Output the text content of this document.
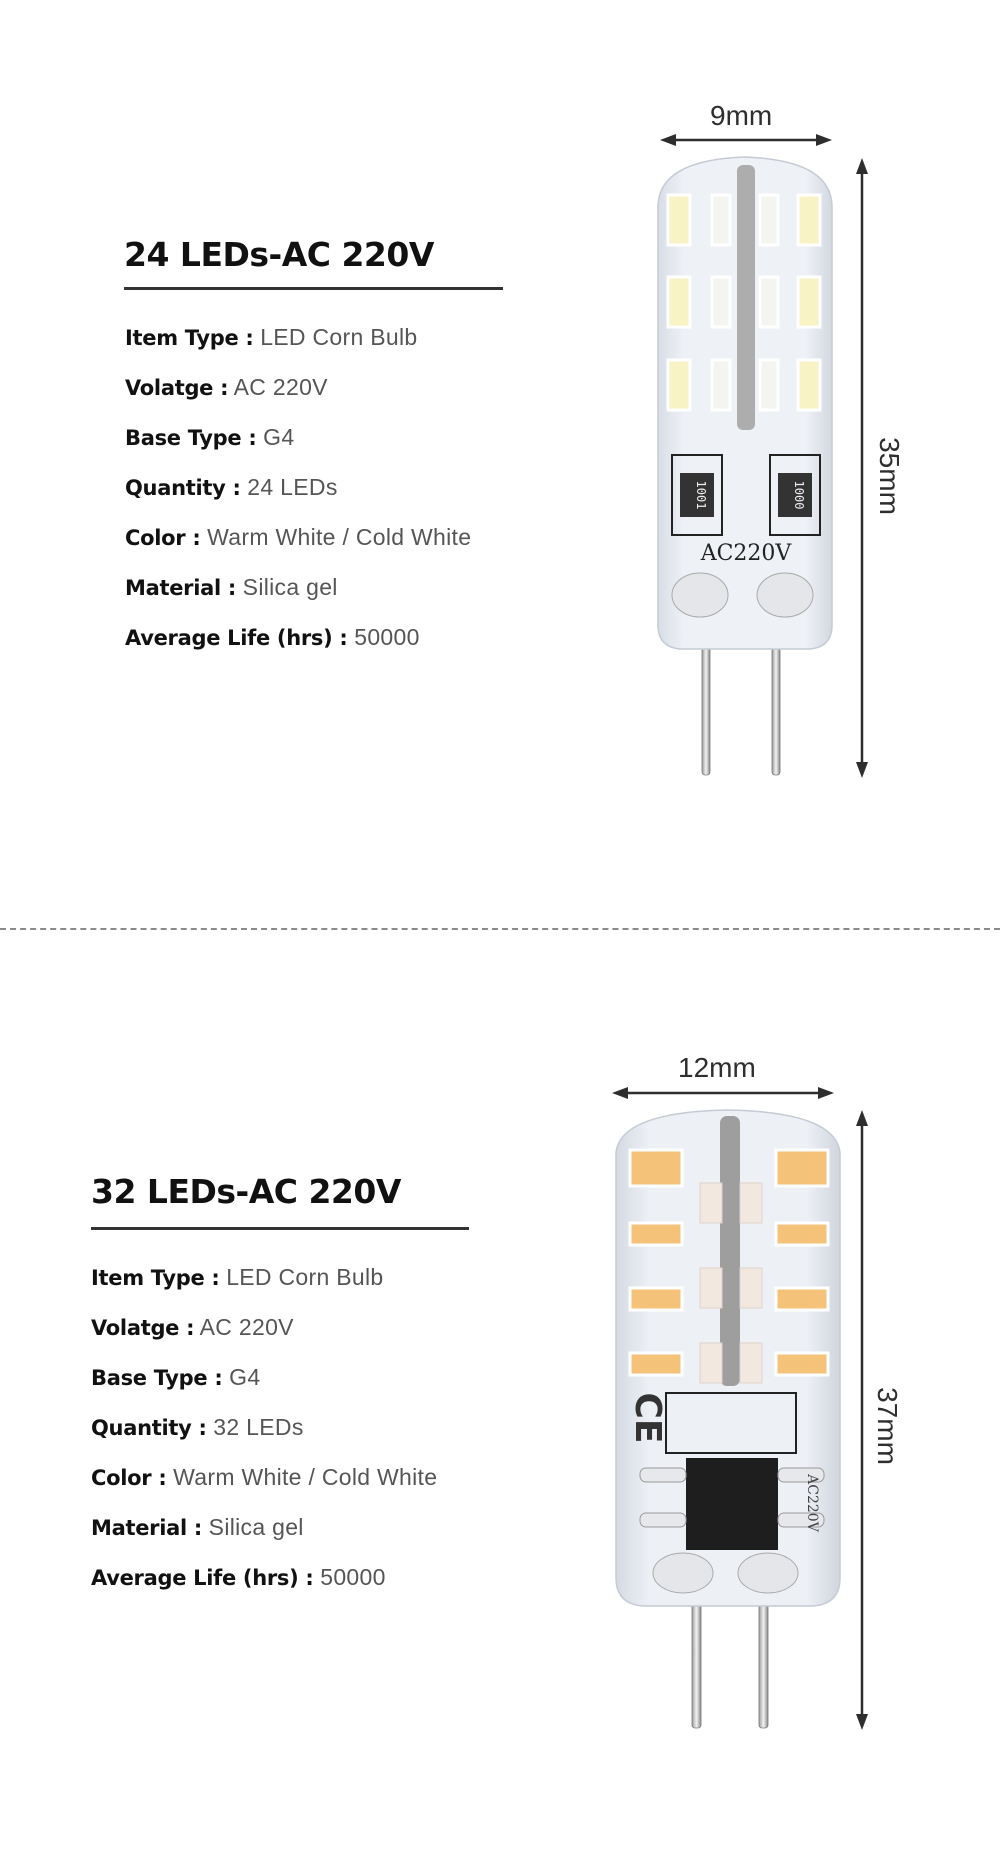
24 LEDs-AC 220V
Item Type : LED Corn Bulb
Volatge : AC 220V
Base Type : G4
Quantity : 24 LEDs
Color : Warm White / Cold White
Material : Silica gel
Average Life (hrs) : 50000
9mm
35mm
1001	1000
AC220V
32 LEDs-AC 220V
Item Type : LED Corn Bulb
Volatge : AC 220V
Base Type : G4
Quantity : 32 LEDs
Color : Warm White / Cold White
Material : Silica gel
Average Life (hrs) : 50000
12mm
37mm
CE
AC220V
